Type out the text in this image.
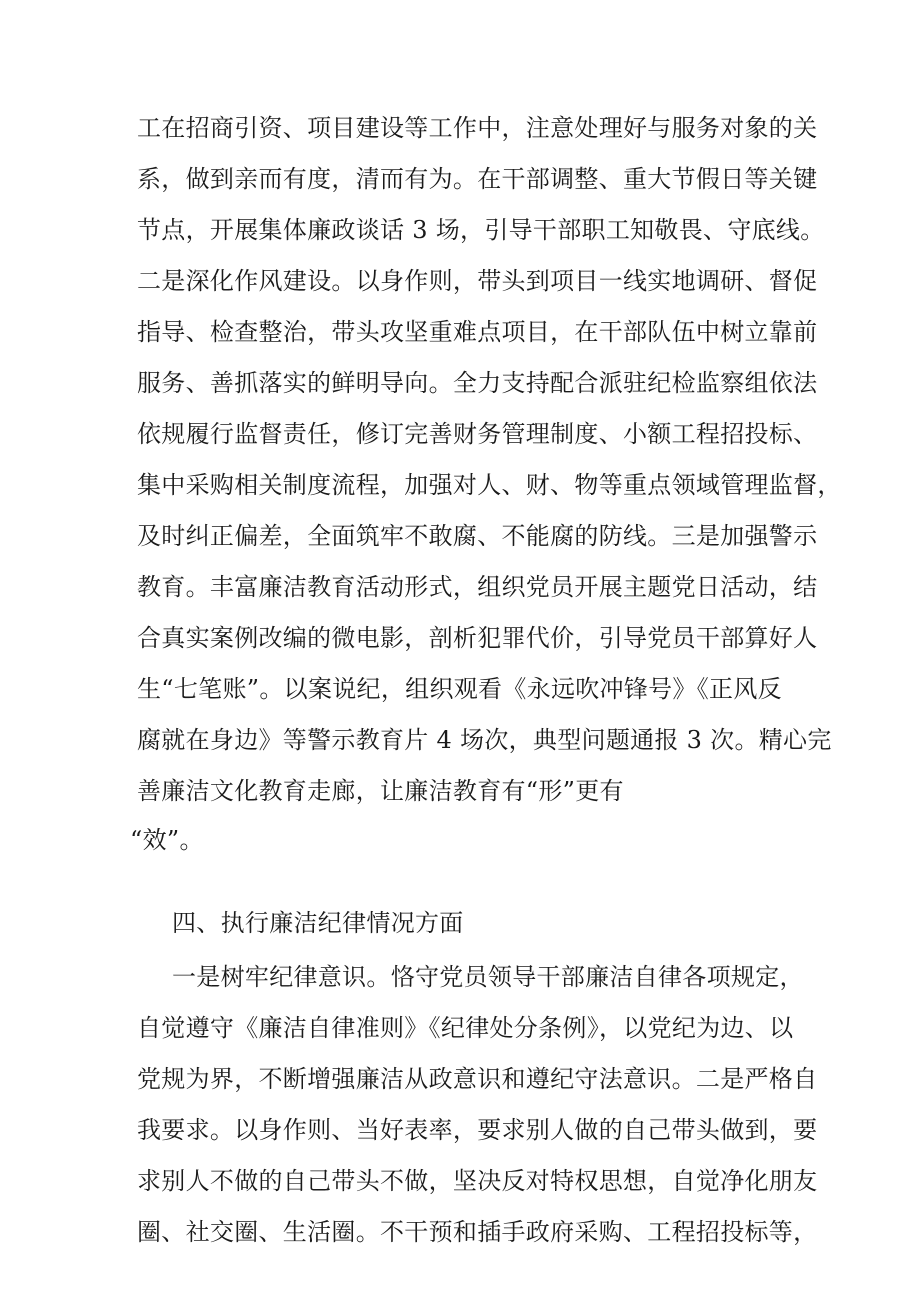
工在招商引资、项目建设等工作中，注意处理好与服务对象的关

系，做到亲而有度，清而有为。在干部调整、重大节假日等关键

节点，开展集体廉政谈话 3 场，引导干部职工知敬畏、守底线。

二是深化作风建设。以身作则，带头到项目一线实地调研、督促

指导、检查整治，带头攻坚重难点项目，在干部队伍中树立靠前

服务、善抓落实的鲜明导向。全力支持配合派驻纪检监察组依法

依规履行监督责任，修订完善财务管理制度、小额工程招投标、

集中采购相关制度流程，加强对人、财、物等重点领域管理监督，

及时纠正偏差，全面筑牢不敢腐、不能腐的防线。三是加强警示

教育。丰富廉洁教育活动形式，组织党员开展主题党日活动，结

合真实案例改编的微电影，剖析犯罪代价，引导党员干部算好人

生“七笔账”。以案说纪，组织观看《永远吹冲锋号》《正风反

腐就在身边》等警示教育片 4 场次，典型问题通报 3 次。精心完

善廉洁文化教育走廊，让廉洁教育有“形”更有

“效”。

四、执行廉洁纪律情况方面

一是树牢纪律意识。恪守党员领导干部廉洁自律各项规定，

自觉遵守《廉洁自律准则》《纪律处分条例》，以党纪为边、以

党规为界，不断增强廉洁从政意识和遵纪守法意识。二是严格自

我要求。以身作则、当好表率，要求别人做的自己带头做到，要

求别人不做的自己带头不做，坚决反对特权思想，自觉净化朋友

圈、社交圈、生活圈。不干预和插手政府采购、工程招投标等，
